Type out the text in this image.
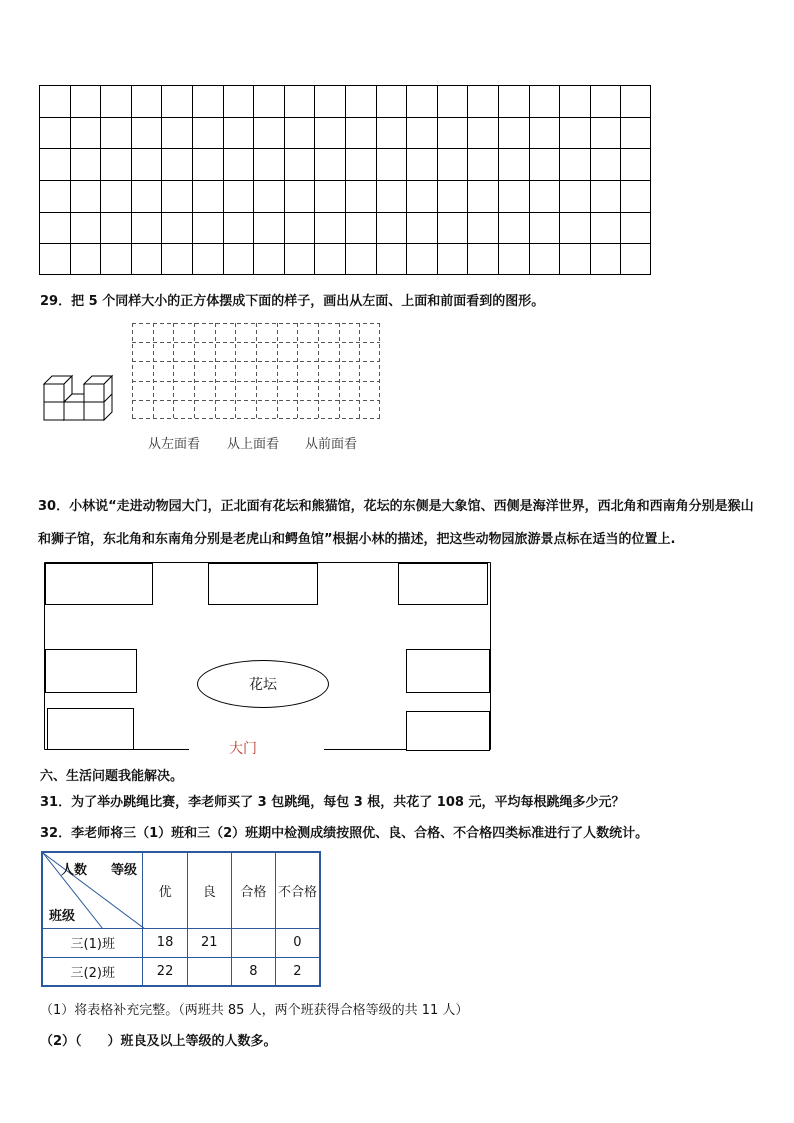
29．把 5 个同样大小的正方体摆成下面的样子，画出从左面、上面和前面看到的图形。
从左面看 从上面看 从前面看
30．小林说“走进动物园大门，正北面有花坛和熊猫馆，花坛的东侧是大象馆、西侧是海洋世界，西北角和西南角分别是猴山和狮子馆，东北角和东南角分别是老虎山和鳄鱼馆”根据小林的描述，把这些动物园旅游景点标在适当的位置上.
花坛
大门
六、生活问题我能解决。
31．为了举办跳绳比赛，李老师买了 3 包跳绳，每包 3 根，共花了 108 元，平均每根跳绳多少元？
32．李老师将三（1）班和三（2）班期中检测成绩按照优、良、合格、不合格四类标准进行了人数统计。
人数 等级
班级	优	良	合格	不合格
三(1)班	18	21		0
三(2)班	22		8	2
（1）将表格补充完整。（两班共 85 人，两个班获得合格等级的共 11 人）
（2）（　　）班良及以上等级的人数多。
